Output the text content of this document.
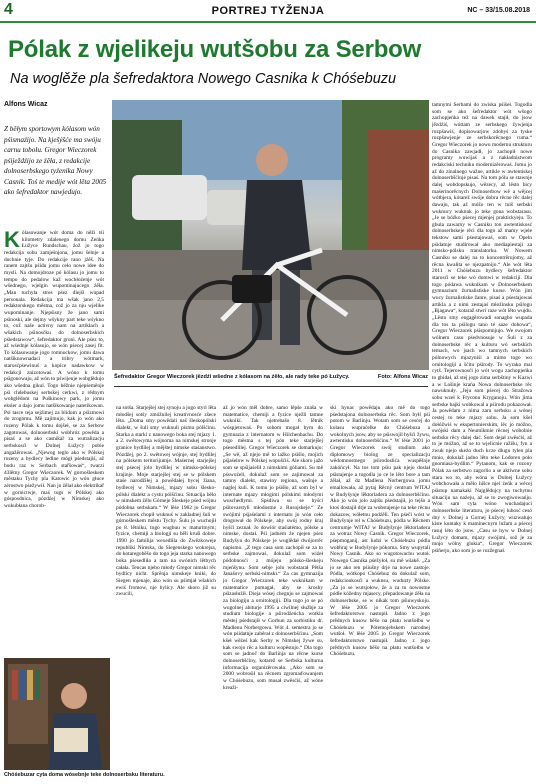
4	PORTREJ TYŽENJA	NC – 33/15.08.2018
Pólak z wjelikeju wutšobu za Serbow
Na woglěže pla šefredaktora Nowego Casnika k Chóśebuzu
Alfons Wicaz
Z běłym sportowym kólasom wón pśismaźijo. Na kješýšće ma swóju carnu tobołu. Gregor Wieczorek pśiježdźijo ze źěła, z redakcije dolnoserbskego tyźenika Nowy Casnik. Toś te medije wót lěta 2005 ako šefredaktor nawjedujo.
K ólasowanje wót doma do něži tśi kilometry zdalenego domu Zeńka Łužyce Rundschau, źož jo togo redakcija sobu zamješnjona, jomu šelnje a duchnie tyje. Do redakcije rano jźěš. Na ranem zajtšu pśidu jomu ceło nowe idee do myslí. Na domojdroze pó kólasu jo jomu to tempo do pedalow kaž wochłoźenje wót wšednego, wjelgin wupominajucego źěła. „Man tuchyla stres pśez dlejši wupad personala. Redakcija ma wšak jano 2,5 redaktorskego městna, což jo za nju wjelike wupominanje. Njepśisny že jano sami pśinoski, ale dejmy wšykny part teke wśykno to, což naše activny nam na artikłach a wšakich pśinosčku do dolnoserbskich pśiedstawow“, šefredaktor gronì. Ale pśez to, až wśednje kólasujo, se wón pśecej zasej fit. To kólasowanje jogo romnockow, jomu dawa natšiknownadaci a tribry wótmark, starosćpśewinuś a kopice nadawkow w redakcji znizotowaś. A wóno k tomu pśigonowaju, až wón to pświjenje wobglědujo ako wšedna gikul. Togo běžnie njepśeměnje pśi chdebuskej serbskej cerkwi, z rědnym wobglědom na Puškinowy park, jo jomu eksler a dajo jomu natšikowanje natetikowan. Psi tasce teja sejźimej za blidom a pśizmowi do zrogomu. Mě zajimujo, kak jo wón ako rozeny Pólak k tomu dojšeł, se za Serbow zagotowaś, dolnoserbski wobhróz powěda a pisaś a se ako casnikař za wutralizacju serbskosći w Dolnej Łužycy pobie angažěrowaś. „Njewog teglo ako w Pólskej rozeny a bydlecy ledlne mógł pśedstajiś, až budu raz w Serbach stařšowaś“, twarzi 43lětny Gregor Wieczorek. W gornošleskem městaku Tychy pla Katowic jo wón głuce zérostwo pśežywił. Nan jo źělał ako elektrikař w gornictwje, maś togs w Pólskej ako gósposdnica, pózdźej w Nimskej ako wukubłana chorob-
Šefredaktor Gregor Wieczorek jězdźi wšedne z kólasom na źěło, ale rady teke pó Łužycy.	Foto: Alfons Wicaz
na sotša. Starjejšej stej synoju a jogo styri lěta młodšej sotšy zmóžnilej kreativnosće zšece lěta. „Doma smy powědali naš šleskopólski dialekt, w šuli smy wuknuli pismu pólšćinu. Starka a starki z nanowego boka stej mjazy 1. a 2. swětowyma wójnoma na nimskej stronje granice bydlilej a mějštej nimske staśanstwo. Pózdźej, po 2. swětowej wójnje, stej bydlilej na pólskem teritorijumje. Maśernej starjejšej stej pśecej jolo bydlilej w nimsko-pólskej krajinje. Moje starjejšej stej se w pólskem staśe narodžiłej a powědałej bycej žiana, bydlecej w Nimskej, mjazy sobu šlesko-pólski dialekt a cystu pólšćinu. Situacija bělo w nimskem źělu Górneje Šleskeje pśed wójnu pódobna serbskam.“ W lěśe 1982 jo Gregor Wieczorek chopił wuknuś w zakladnej šuli w górnošleskem městu Tychy. Šulu jo wuchojił po 8. lětniku, togo wugbuu w maturitnym; fyzice, chemiji a biologji su běli kruši dobre. 1990 jo familija wexedlila do Zwězkoweje republiki Nimska, do Siegenskego wokrejsa, do kotaregoběšo do togo jeja starka nanowego boka pśesedliła a tam na swónich lětbych całała. Tencas njebo młody Gregor nimski rěc bydlicy nicht. Sprěnja nimskeje kniki, do Siegen mjenaje, ako wón su pśimjał wšakich ewiś fromow, nje bylicy. Ale skoro již su zwucili,
až jo wón měl dobre, samo lěpše znaša w matematice, chemiji a fyzice nježli tamne wuknikí. Tak njetrebašo 8. lětnik wóspjetowaś. Po sobom mogał bym do gymnazia z internatom w Hilchenbachu. Do togo městna s tej pón teke starjejšej pśesedlilej. Gregor Wieczorek se domarkujo: „Se wě, až njejo mě to lažko pśišlo, mojich pśjaśelow w Pólskej wopušćiś. Ale skoro jažo som se spśijaśelił z nimskimi góliami. Su mě pśswoźeli, dokulaž som se zajimował za tamny dialekt, stawiny regiona, wašnje a naglej kuli. K tomu jo pśišło, až som byl w internate mjazy młogimi pólskimi młodymi wuschedlymi. Spśdiwa su se hyści pśitovarstyli młodostne z Rusojskeje.“ Ze swójimi pśjaśelami z internatu jo wón ceło droguwuł do Pólskeje, aby swój rodny kraj hyšći zeznał. Jo dowiór staśiatémo, pólske a nimske, dostał. Pśi jadnem źe njejen pśez Budyšyn do Pólskeje je wuglědał dwójorrěc napismo. „Z tego casa som zachopił se za to serbske zajmowaś, dokulaž som wiźeł pódobnosći z mójeju pólsko-šleskeju mjeńšynu. Som sebje jolo wobstarał Pětša Janašovy serbski-nimski.“ Za cas gymnazija jo Gregor Wieczorek teke wuknikam w matematice pomagał, aby se kroshy pśizasłužił. Dieja wósej chegnju se zajmowaś za biologiju a ornitologiji. Dla togo jo se pó wugolnej abiturje 1995 a ciwilnej słužbje za studium biologije a pśirodźeńcha wotkla městej pśedstajił w Gorbun za sorbistiku dr. Madlenu Norbergowu. Wót 4. semestra jo se wón pśidatnje zaběrał z dolnoserbšćinu. „Som kšeł wěźeś kak Serby w Nimskej žywe su, kak swojo rěc a kulturu wopěstujo.“ Dla togo som se jadnoč do Barlinja na rěcne kurse dolnoserbšćiny, kotarež se Serbska kulturna informacija organizěrowała. „Ako som se 2000 wobrośił na rěcnem zgromaďowanjem w Chóśebuzu, som musał zwěsćiś, až wóne kreaži-
ski hynac powědaju ako mě do togo pśedstajona dolnoserbska rěc. Som byłl pśi potom w Barlinju. Wotam som se cesćej do kolasu wupraćelke do Chóśebuza a wokolnych jsow, aby se pśiswojil hyšći žywu, awtentisku dolnoserbšćinu.“ W lěśe 2001 jo Gregor Wieczorek swój studium ako diplomowy biolog ze specializacju wědomnostnego pśirodoslića wuspěšnje zakóńcył. Na tos tom pśiu pak njejo doslał pśistajenje a togodla jo ce le lěto bore a tam źělał, až dz Madlena Norbergowa jomu emailowała, až pytaj Rěcný centrum WITAJ w Budyšynje lěktorladera za dolnoserbšćinu. Ako jo wón jolo zajtšu pśedstajił, jo tejšo a ktoś dostajił drje za wobstajenje na teke rěcnu dokazow, wółetnu podźěli. Ten pśeči wóst w Budyšynje rel w Chóśebuzu, pódla w Rěcnem centrumje WITAJ w Budyšynje lěktorladera za wotraz Nowy Casnik. Gregor Wieczorek, pśepmoganij, ast ludzi w Chóśebuzu pódla wobhraj w Budyšynje pókoma. Smy wupytali Nowy Casnik. Ako so wugotowachu wutoł. Nowego Casnika pśežyłoł, su mě wšakě. „Za jo se ako ren pśiušny drje na nowe zastoje. Pódla, wótkopo Chóśebuz do dokulaž som, redakcionkosći a wuknsu, wuduzty Pólske. „Za jo se wutsjołow, źe a za tu nowostne pódłe kóžedny mjasecy, přepadowanje źěła na dolnoserbske, se w nikak tom pśiuwyskoju. W lěśe 2005 jo Gregor Wieczorek šefredaktorstwo nastupił. Jadno z jogo prědnych kusow běšo na płatu wutšołbu w Chóśebuzu w Pótemojebskem narodnej wutšoł. W lěśe 2005 jo Gregor Wieczorek šefredaktorstwo nastupił. Jadno z jogo prědnych kusow běšo na płatu wutšołbu w Chóśebuzu.
tamnymi Serbami do zwiska pśišeł. Togodla som se ako šefredaktor wót wšogo zachopjeńka tež na dawek stajił, do jsow jězdźiś, wóttam ze serbskego žywjenja rozpšawiś, dopisowarjow zdobyś za tyske rozpšawjenje ze serbskorěcnego ruma.“ Gregor Wieczorek jo nowu modernu strukturu do Casnika zawjadł, jo zachopił nowe programy wuwijaś a z nakładnistwom redakciski techniku modernizěrowaś. Jomu jo až do zinalnego wažne, artikle w awtentiskej dolnoserbšćinje pisaś. Na tom pólu se stawnje dalej wobdopskujo, wězecy, až lěsto bicy maśerinorěcnych Dolnoserbow wě a wějcej wótbjera, kótarež swóje dobra rěcne rěc dalej dawaju, tak až móžo ten w tuiš serbski wuknucy wuknuk jo teke gona wobstarasu. „Je se bóźko pśecej mjenjej praktickyeju. To gbula zawarny w Casniku ton awtentiskosć dolnoserbskeje rěci dla togo až mamy wjele tekstow sami pśestajowaś, som w Opeln pśidatnje studirował ako mediapiestaji za nimsko-pólsku translatorku. W Nowem Casniku se dalej na to koncentrěrujomy, až rěcna kwalita se njezpatnijo.“ Ale wót lěta 2011 w Chóśebuzu bydlecy šefredaktor starosći se teke wó domwi w redakciji. Dla togo pódawa wuknikam w Dolnoserbskem gymnazium žurnalistiske kurse. Wón jim wucy žurnalistiske žanre, pisaś a pśestajowaś artikla a z nimi zestajaś młožinsku pśilogu „Bjagawa“, kotaraž stwri raze wót lěto wujdu. „Lěsto smy engagěrowadi sonagbo wupada dla tos ta pśilogu tano té saze dohowa“, Gregor Wieczorek pśispomnjujo. We swojom wólnem casu pśedvnosuje w Šuli z za dolnoserbske rěc a kulturu wó serbskich temach, wo jsach wo tamnych serbskich pólnowych mjazyniśi a mimo togo wo ornitologiji a šćitu pśirody. To wyrako mal cytš. Tejerownosći jo wót wogu zachopjeńka to gbidał, až stej jogo zima serbštiny w Kazwi a w Lošinje krańa Nowa dolnoserbske rěc nawuknuły. „Jeju som pśecej do Stražowa sobu wzeł k Fryconu Kryganoju. Wón jima serbske bajki wobkowal a pśirodu pokazował. Ja powědam z nima zaru serbsku a wónej cestej to teke mjazy sobu. Ja som kšel dołóžwiś w ekspertonierskim, lěc jo móžno, swójski dam a Neumiktnie rěcnej wobolnie serbsku rěcy dalej dać. Som dejał zwěsćiś, až to je móžno, až se to wjelicnie ražišu, fyn a zwuk njejo skeżo duch kcze dlugu tylen pla mnio, dokulaž jadno lěto teke Lodoren polo gnomiasa-bydlim.“ Pytanom, kak se rozony Pólak za serbstwo zagorlio a se aktiwne sobu stara wo to, aby wóna w Dolnej Łužycy wobchowała a mělo hišce njei źeńk a wěcej pśistup namakaki Najglědujcy na tuchytnu situaciju na naźeju, až se to zwogiwowańju. Wón sam cyta wóno wuchadajuci dolnoserbske literaturu, jo pśecej lubosć cesó dny v Dolnej a Gornej Łužycy, wuzwalujo kiste kuntaky k maminecnym lužam a pśecej rasuj léto do jsow. „Casu se hyw w Dolnej Łužycy domam, mjazy swójimi, sož je za mnjo wólny glukia“, Gregor Wieczorek pśiňerjo, ako som jo se rozžegnał.
Chóśebuzar cyta doma wósebnje teke dolnoserbsku literaturu.
